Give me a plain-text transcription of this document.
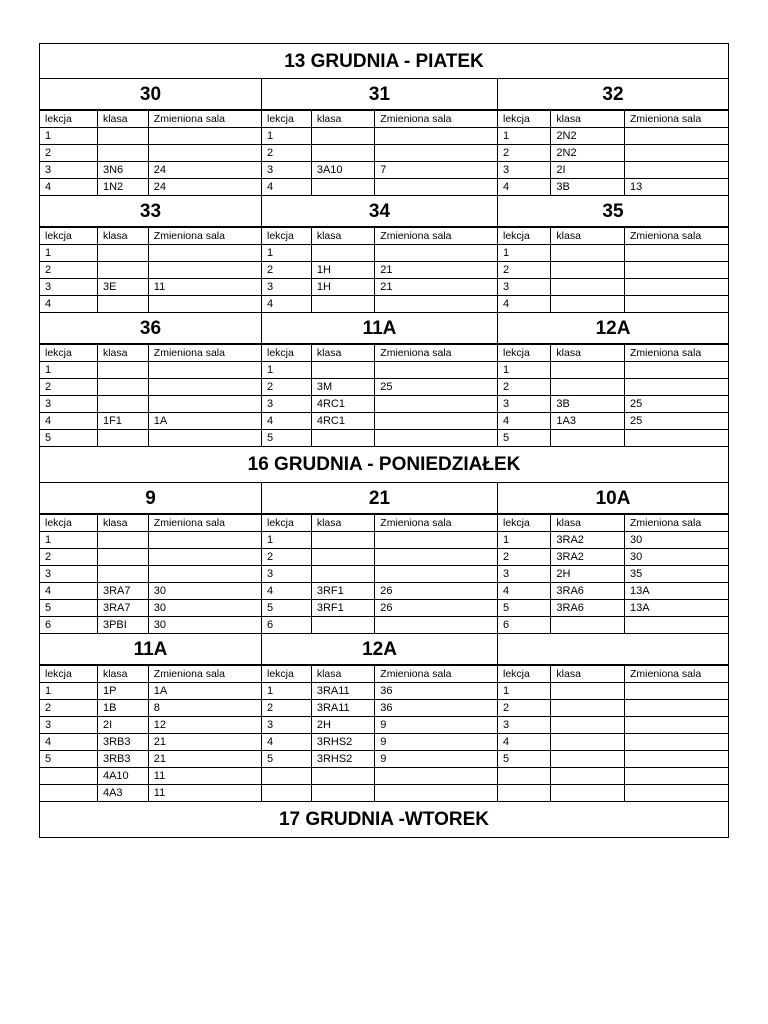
13 GRUDNIA - PIATEK
30
lekcja	klasa	Zmieniona sala
1		
2		
3	3N6	24
4	1N2	24
31
lekcja	klasa	Zmieniona sala
1		
2		
3	3A10	7
4		
32
lekcja	klasa	Zmieniona sala
1	2N2	
2	2N2	
3	2I	
4	3B	13
33
lekcja	klasa	Zmieniona sala
1		
2		
3	3E	11
4		
34
lekcja	klasa	Zmieniona sala
1		
2	1H	21
3	1H	21
4		
35
lekcja	klasa	Zmieniona sala
1		
2		
3		
4		
36
lekcja	klasa	Zmieniona sala
1		
2		
3		
4	1F1	1A
5		
11A
lekcja	klasa	Zmieniona sala
1		
2	3M	25
3	4RC1	
4	4RC1	
5		
12A
lekcja	klasa	Zmieniona sala
1		
2		
3	3B	25
4	1A3	25
5		
16 GRUDNIA - PONIEDZIAŁEK
9
lekcja	klasa	Zmieniona sala
1		
2		
3		
4	3RA7	30
5	3RA7	30
6	3PBI	30
21
lekcja	klasa	Zmieniona sala
1		
2		
3		
4	3RF1	26
5	3RF1	26
6		
10A
lekcja	klasa	Zmieniona sala
1	3RA2	30
2	3RA2	30
3	2H	35
4	3RA6	13A
5	3RA6	13A
6		
11A
lekcja	klasa	Zmieniona sala
1	1P	1A
2	1B	8
3	2I	12
4	3RB3	21
5	3RB3	21
	4A10	11
	4A3	11
12A
lekcja	klasa	Zmieniona sala
1	3RA11	36
2	3RA11	36
3	2H	9
4	3RHS2	9
5	3RHS2	9

lekcja	klasa	Zmieniona sala
1		
2		
3		
4		
5		

17 GRUDNIA -WTOREK
